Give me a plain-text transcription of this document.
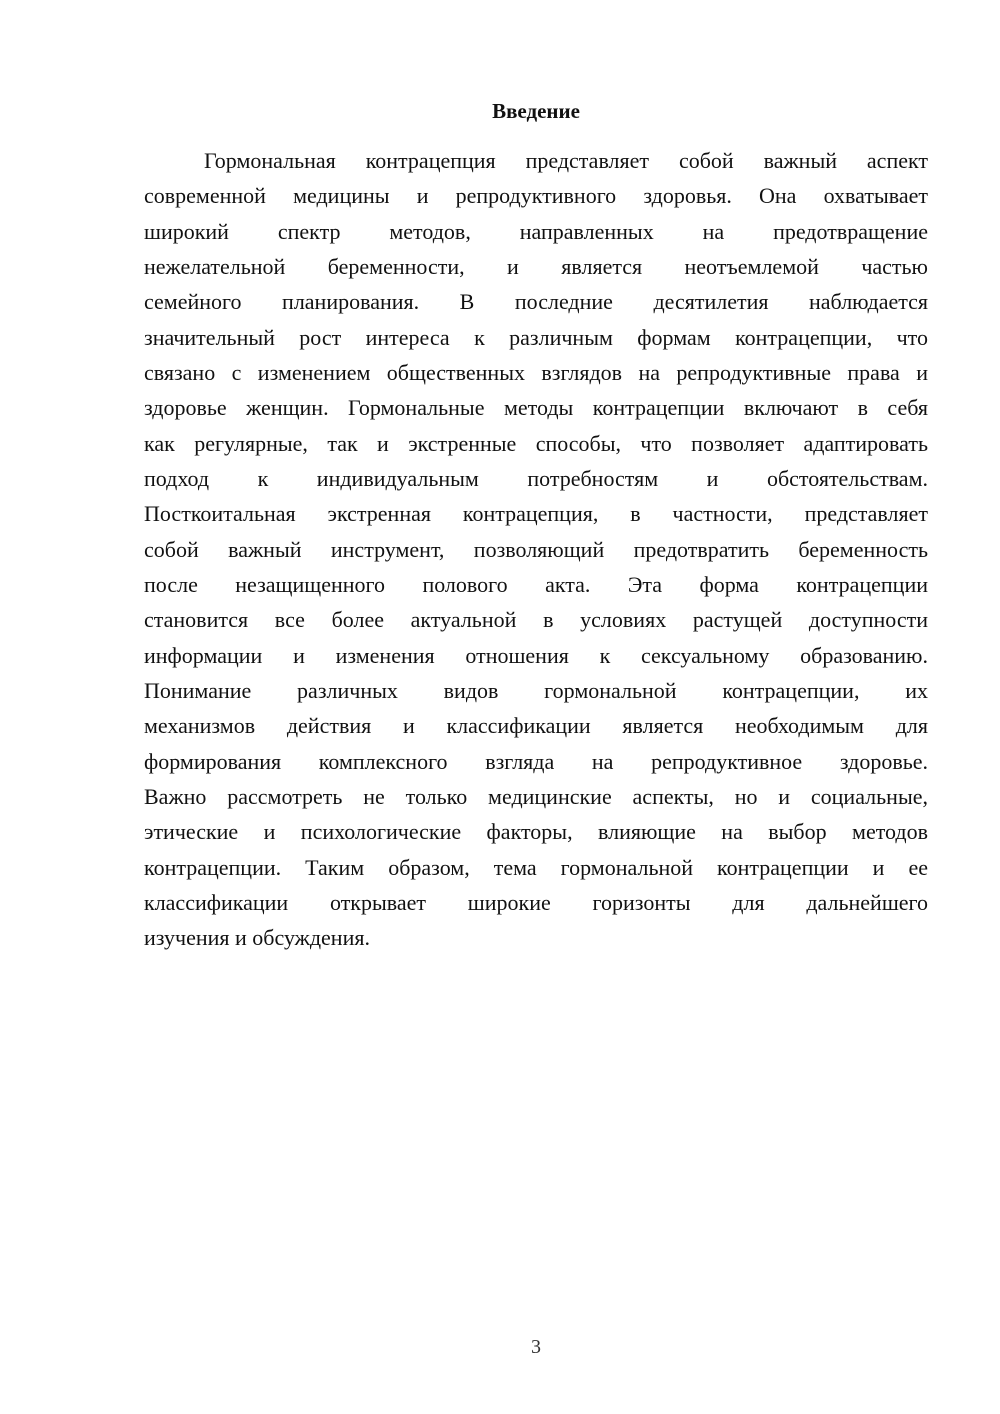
Введение
Гормональная контрацепция представляет собой важный аспект
современной медицины и репродуктивного здоровья. Она охватывает
широкий спектр методов, направленных на предотвращение
нежелательной беременности, и является неотъемлемой частью
семейного планирования. В последние десятилетия наблюдается
значительный рост интереса к различным формам контрацепции, что
связано с изменением общественных взглядов на репродуктивные права и
здоровье женщин. Гормональные методы контрацепции включают в себя
как регулярные, так и экстренные способы, что позволяет адаптировать
подход к индивидуальным потребностям и обстоятельствам.
Посткоитальная экстренная контрацепция, в частности, представляет
собой важный инструмент, позволяющий предотвратить беременность
после незащищенного полового акта. Эта форма контрацепции
становится все более актуальной в условиях растущей доступности
информации и изменения отношения к сексуальному образованию.
Понимание различных видов гормональной контрацепции, их
механизмов действия и классификации является необходимым для
формирования комплексного взгляда на репродуктивное здоровье.
Важно рассмотреть не только медицинские аспекты, но и социальные,
этические и психологические факторы, влияющие на выбор методов
контрацепции. Таким образом, тема гормональной контрацепции и ее
классификации открывает широкие горизонты для дальнейшего
изучения и обсуждения.
3
